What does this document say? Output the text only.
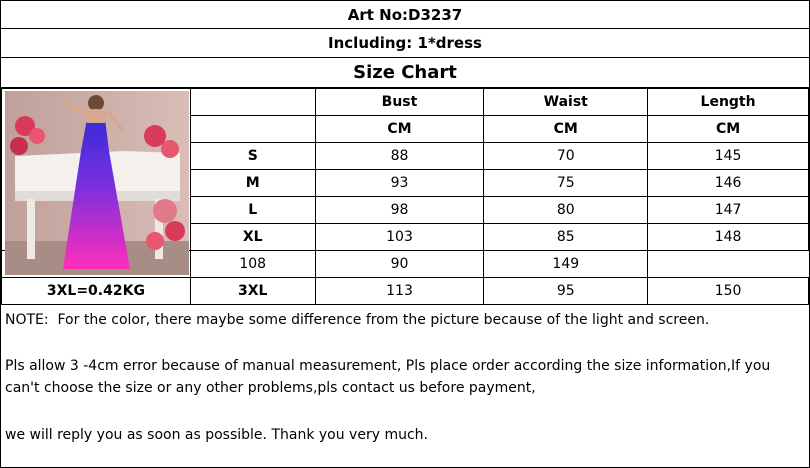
Art No:D3237
Including: 1*dress
Size Chart
		Bust	Waist	Length
		CM	CM	CM
	S	88	70	145
	M	93	75	146
	L	98	80	147
	XL	103	85	148
	108	90	149	
3XL=0.42KG	3XL	113	95	150
NOTE:  For the color, there maybe some difference from the picture because of the light and screen.
Pls allow 3 -4cm error because of manual measurement, Pls place order according the size information,If you
can't choose the size or any other problems,pls contact us before payment,
we will reply you as soon as possible. Thank you very much.
